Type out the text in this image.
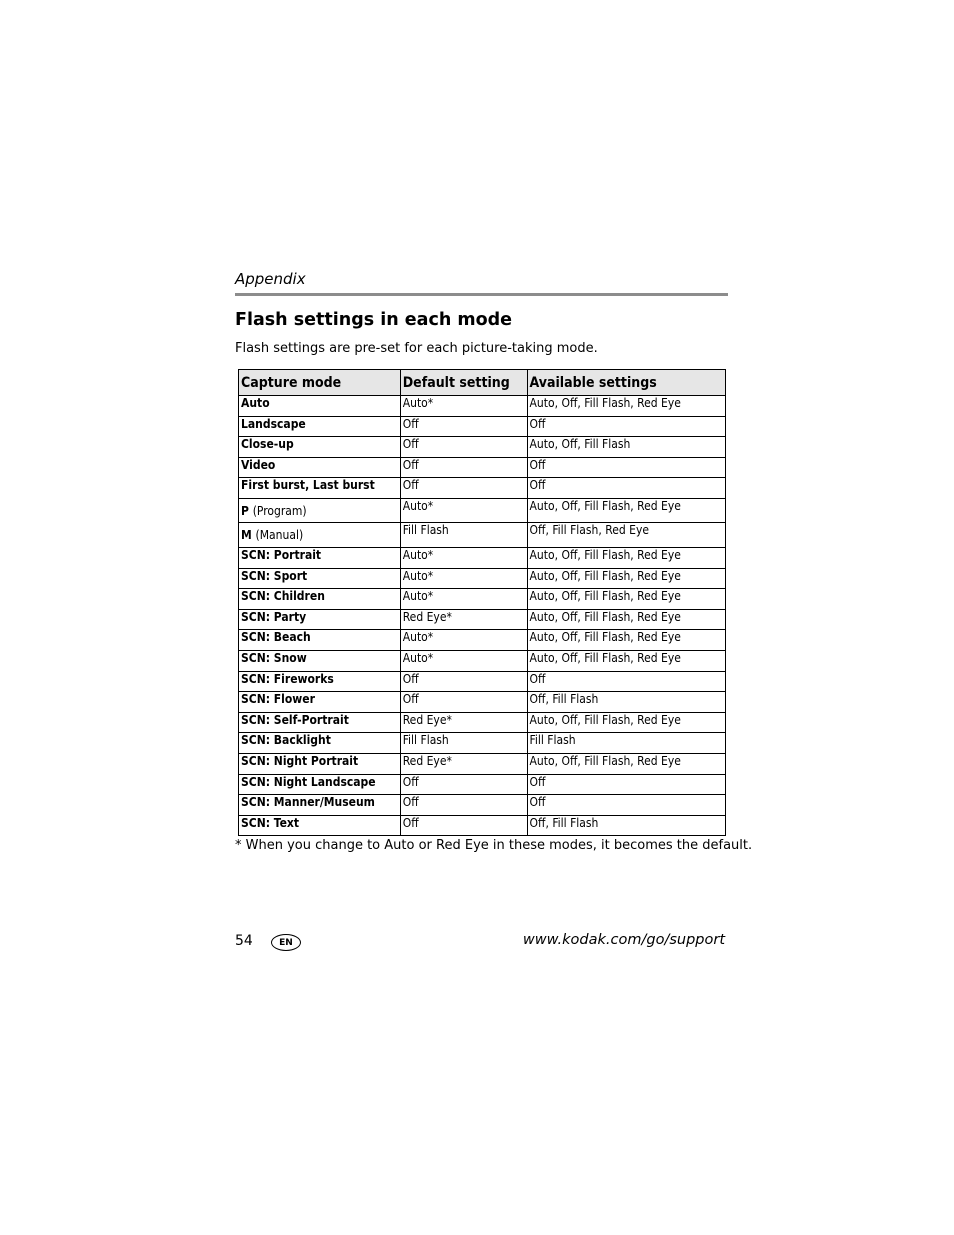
Appendix
Flash settings in each mode
Flash settings are pre-set for each picture-taking mode.
Capture mode	Default setting	Available settings
Auto	Auto*	Auto, Off, Fill Flash, Red Eye
Landscape	Off	Off
Close-up	Off	Auto, Off, Fill Flash
Video	Off	Off
First burst, Last burst	Off	Off
P (Program)	Auto*	Auto, Off, Fill Flash, Red Eye
M (Manual)	Fill Flash	Off, Fill Flash, Red Eye
SCN: Portrait	Auto*	Auto, Off, Fill Flash, Red Eye
SCN: Sport	Auto*	Auto, Off, Fill Flash, Red Eye
SCN: Children	Auto*	Auto, Off, Fill Flash, Red Eye
SCN: Party	Red Eye*	Auto, Off, Fill Flash, Red Eye
SCN: Beach	Auto*	Auto, Off, Fill Flash, Red Eye
SCN: Snow	Auto*	Auto, Off, Fill Flash, Red Eye
SCN: Fireworks	Off	Off
SCN: Flower	Off	Off, Fill Flash
SCN: Self-Portrait	Red Eye*	Auto, Off, Fill Flash, Red Eye
SCN: Backlight	Fill Flash	Fill Flash
SCN: Night Portrait	Red Eye*	Auto, Off, Fill Flash, Red Eye
SCN: Night Landscape	Off	Off
SCN: Manner/Museum	Off	Off
SCN: Text	Off	Off, Fill Flash
* When you change to Auto or Red Eye in these modes, it becomes the default.
54	EN	www.kodak.com/go/support
